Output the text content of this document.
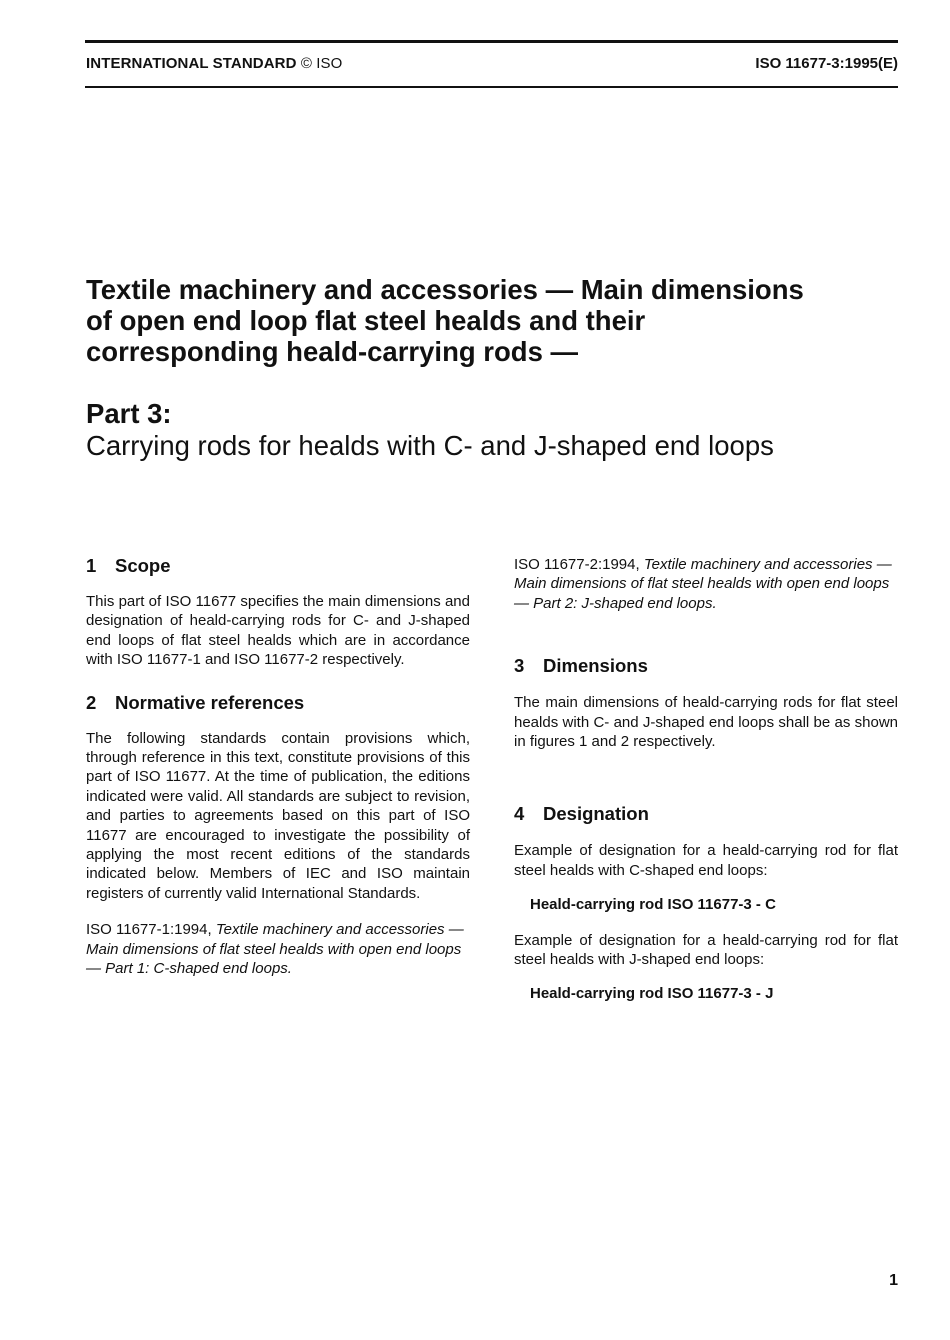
INTERNATIONAL STANDARD © ISO	ISO 11677-3:1995(E)
Textile machinery and accessories — Main dimensions
of open end loop flat steel healds and their
corresponding heald-carrying rods —
Part 3:
Carrying rods for healds with C- and J-shaped end loops
1 Scope

This part of ISO 11677 specifies the main dimensions and designation of heald-carrying rods for C- and J-shaped end loops of flat steel healds which are in accordance with ISO 11677-1 and ISO 11677-2 respectively.

2 Normative references

The following standards contain provisions which, through reference in this text, constitute provisions of this part of ISO 11677. At the time of publication, the editions indicated were valid. All standards are subject to revision, and parties to agreements based on this part of ISO 11677 are encouraged to investigate the possibility of applying the most recent editions of the standards indicated below. Members of IEC and ISO maintain registers of currently valid International Standards.

ISO 11677-1:1994, Textile machinery and accessories — Main dimensions of flat steel healds with open end loops — Part 1: C-shaped end loops.

ISO 11677-2:1994, Textile machinery and accessories — Main dimensions of flat steel healds with open end loops — Part 2: J-shaped end loops.

3 Dimensions

The main dimensions of heald-carrying rods for flat steel healds with C- and J-shaped end loops shall be as shown in figures 1 and 2 respectively.

4 Designation

Example of designation for a heald-carrying rod for flat steel healds with C-shaped end loops:

Heald-carrying rod ISO 11677-3 - C

Example of designation for a heald-carrying rod for flat steel healds with J-shaped end loops:

Heald-carrying rod ISO 11677-3 - J
1
